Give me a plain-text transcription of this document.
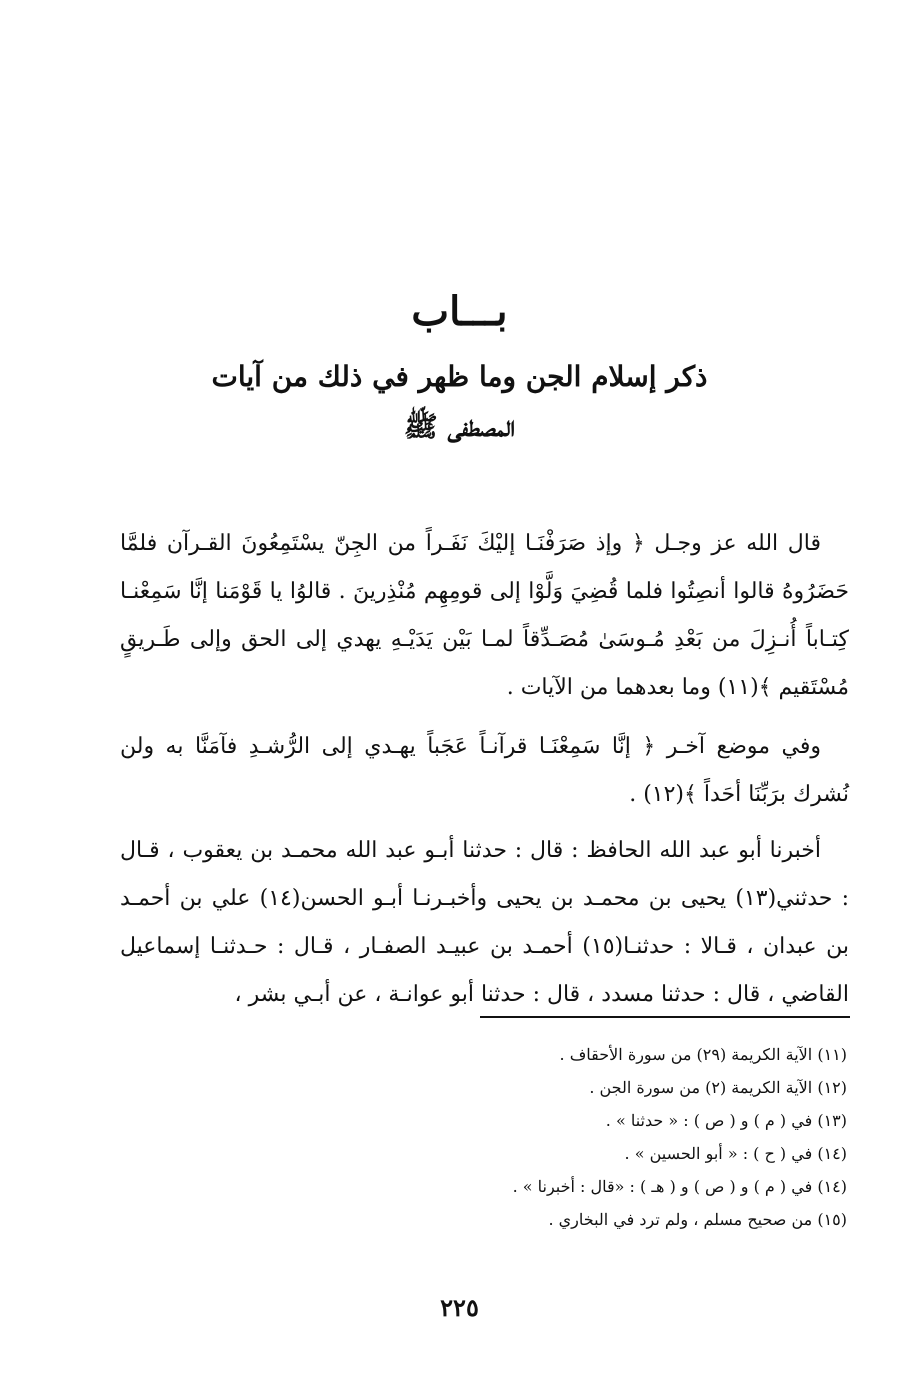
بـــاب
ذكر إسلام الجن وما ظهر في ذلك من آيات
المصطفى ﷺ

قال الله عز وجـل ﴿ وإذ صَرَفْنَـا إليْكَ نَفَـراً من الجِنّ يسْتَمِعُونَ القـرآن فلمَّا حَضَرُوهُ قالوا أنصِتُوا فلما قُضِيَ وَلَّوْا إلى قومِهِم مُنْذِرينَ . قالوُا يا قَوْمَنا إنَّا سَمِعْنـا كِتـاباً أُنـزِلَ من بَعْدِ مُـوسَىٰ مُصَـدِّقاً لمـا بَيْن يَدَيْـهِ يهدي إلى الحق وإلى طَـريقٍ مُسْتَقيم ﴾(١١) وما بعدهما من الآيات .

وفي موضع آخـر ﴿ إنَّا سَمِعْنَـا قرآنـاً عَجَباً يهـدي إلى الرُّشـدِ فآمَنَّا به ولن نُشرك برَبِّنَا أحَداً ﴾(١٢) .

أخبرنا أبو عبد الله الحافظ : قال : حدثنا أبـو عبد الله محمـد بن يعقوب ، قـال : حدثني(١٣) يحيى بن محمـد بن يحيى وأخبـرنـا أبـو الحسن(١٤) علي بن أحمـد بن عبدان ، قـالا : حدثنـا(١٥) أحمـد بن عبيـد الصفـار ، قـال : حـدثنـا إسماعيل القاضي ، قال : حدثنا مسدد ، قال : حدثنا أبو عوانـة ، عن أبـي بشر ،

(١١) الآية الكريمة (٢٩) من سورة الأحقاف .
(١٢) الآية الكريمة (٢) من سورة الجن .
(١٣) في ( م ) و ( ص ) : « حدثنا » .
(١٤) في ( ح ) : « أبو الحسين » .
(١٤) في ( م ) و ( ص ) و ( هـ ) : «قال : أخبرنا » .
(١٥) من صحيح مسلم ، ولم ترد في البخاري .
٢٢٥
